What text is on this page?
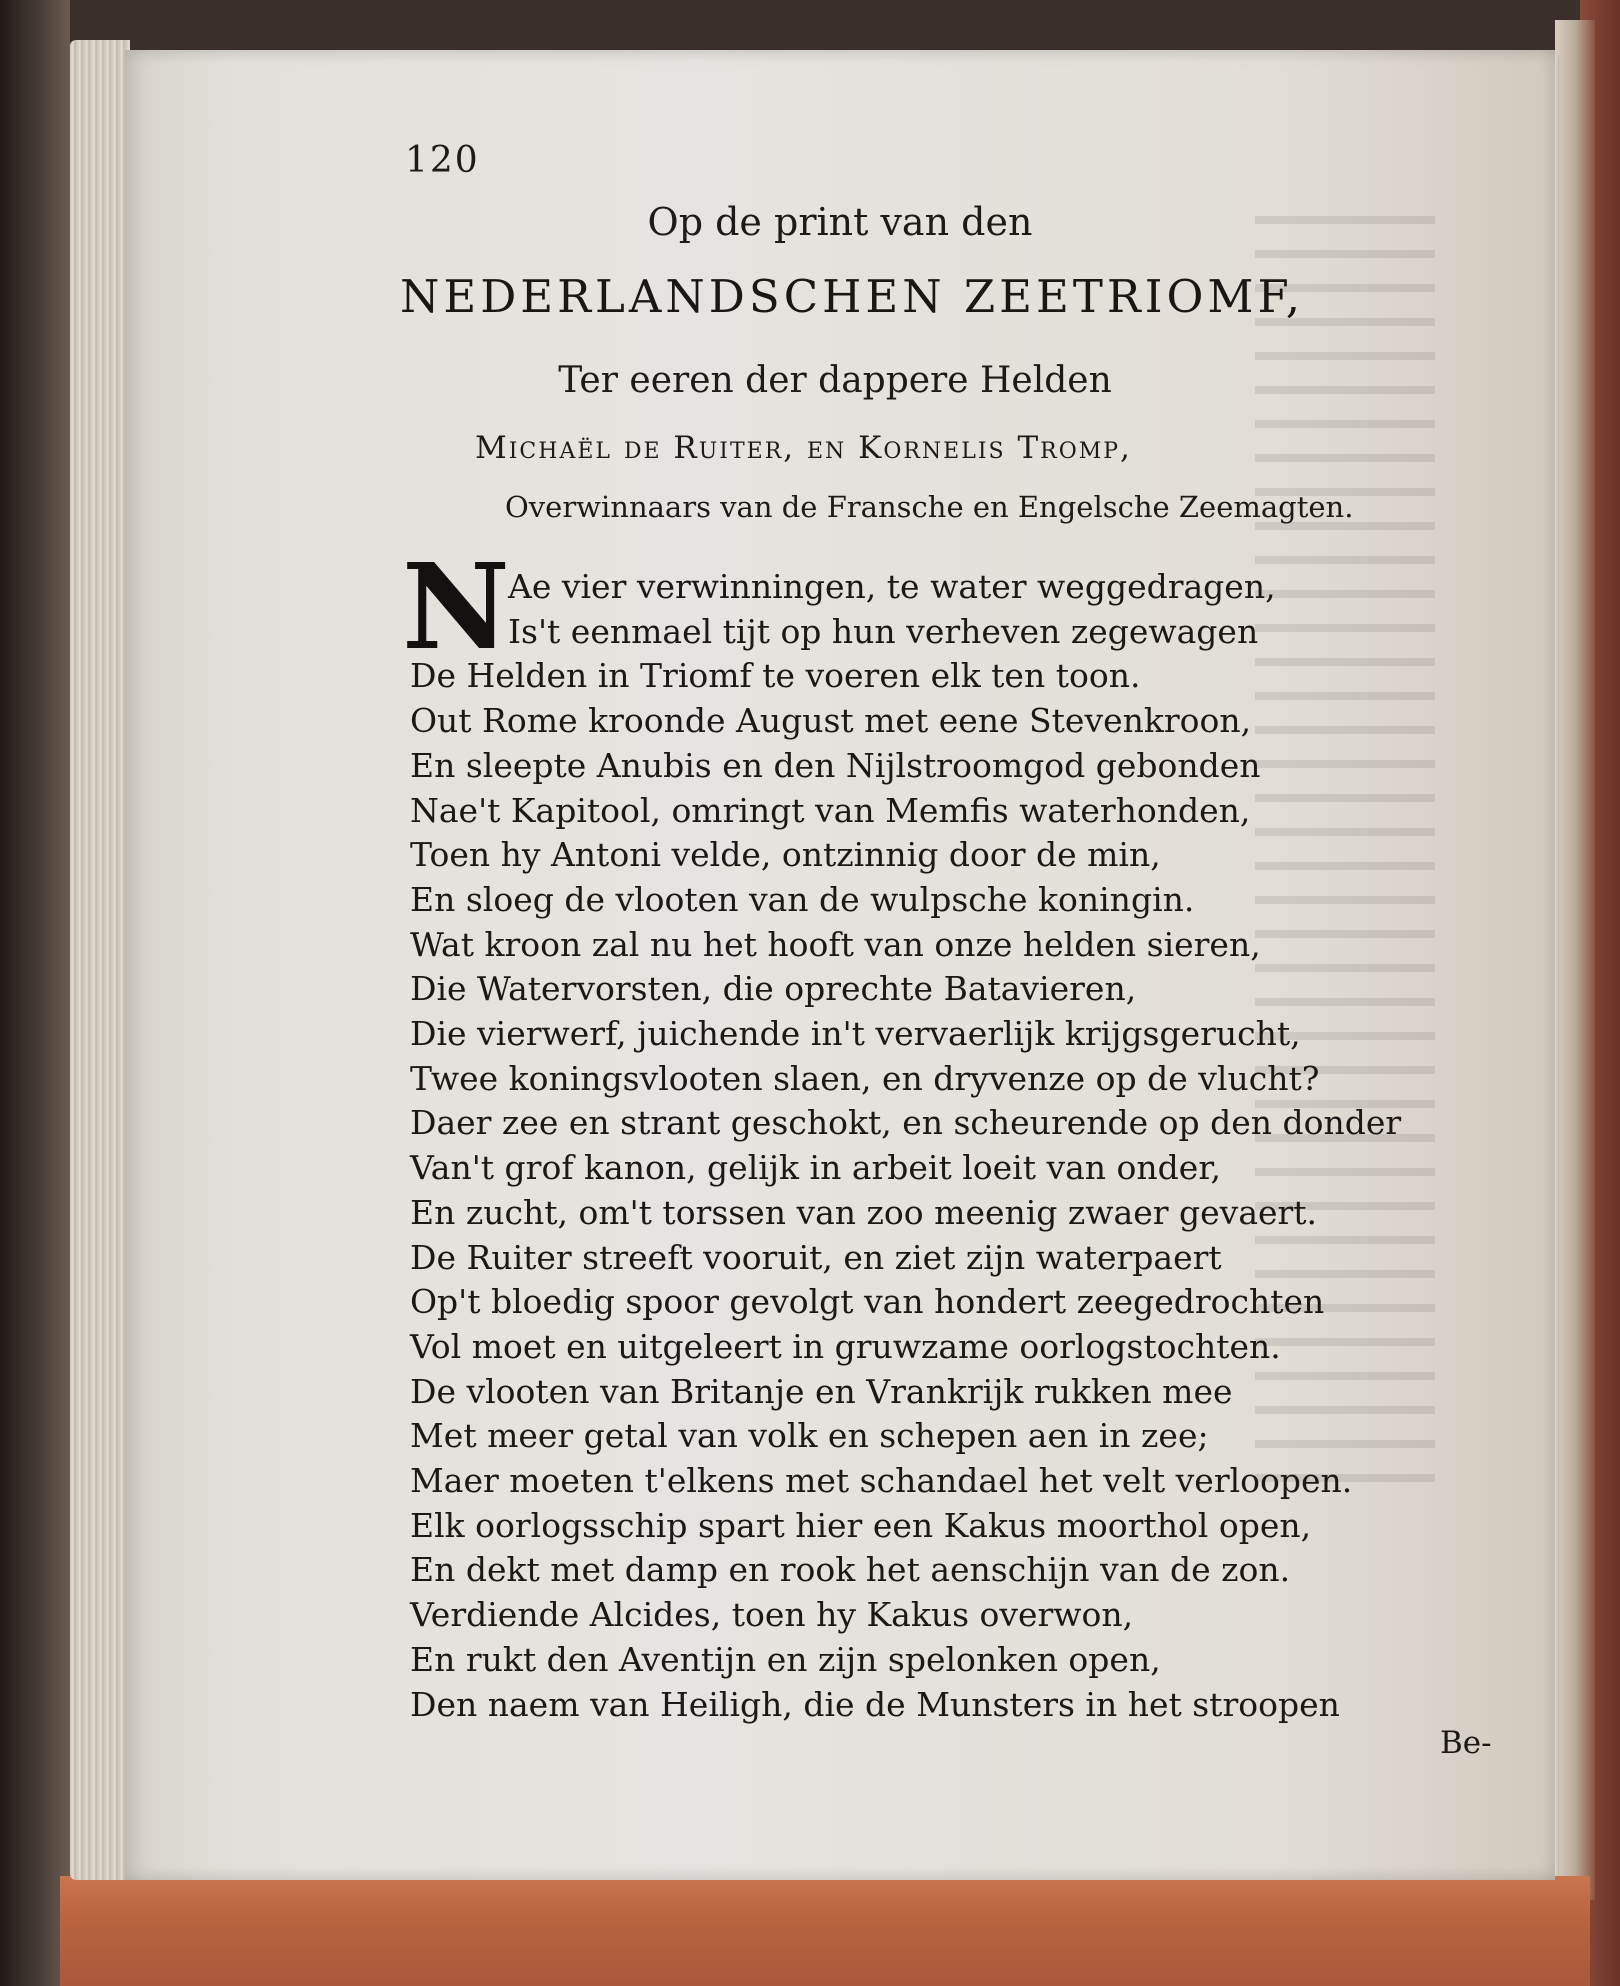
120
Op de print van den
NEDERLANDSCHEN ZEETRIOMF,
Ter eeren der dappere Helden
Michaël de Ruiter, en Kornelis Tromp,
Overwinnaars van de Fransche en Engelsche Zeemagten.
N
Ae vier verwinningen, te water weggedragen,
Is't eenmael tijt op hun verheven zegewagen
De Helden in Triomf te voeren elk ten toon.
Out Rome kroonde August met eene Stevenkroon,
En sleepte Anubis en den Nijlstroomgod gebonden
Nae't Kapitool, omringt van Memfis waterhonden,
Toen hy Antoni velde, ontzinnig door de min,
En sloeg de vlooten van de wulpsche koningin.
Wat kroon zal nu het hooft van onze helden sieren,
Die Watervorsten, die oprechte Batavieren,
Die vierwerf, juichende in't vervaerlijk krijgsgerucht,
Twee koningsvlooten slaen, en dryvenze op de vlucht?
Daer zee en strant geschokt, en scheurende op den donder
Van't grof kanon, gelijk in arbeit loeit van onder,
En zucht, om't torssen van zoo meenig zwaer gevaert.
De Ruiter streeft vooruit, en ziet zijn waterpaert
Op't bloedig spoor gevolgt van hondert zeegedrochten
Vol moet en uitgeleert in gruwzame oorlogstochten.
De vlooten van Britanje en Vrankrijk rukken mee
Met meer getal van volk en schepen aen in zee;
Maer moeten t'elkens met schandael het velt verloopen.
Elk oorlogsschip spart hier een Kakus moorthol open,
En dekt met damp en rook het aenschijn van de zon.
Verdiende Alcides, toen hy Kakus overwon,
En rukt den Aventijn en zijn spelonken open,
Den naem van Heiligh, die de Munsters in het stroopen
Be-
